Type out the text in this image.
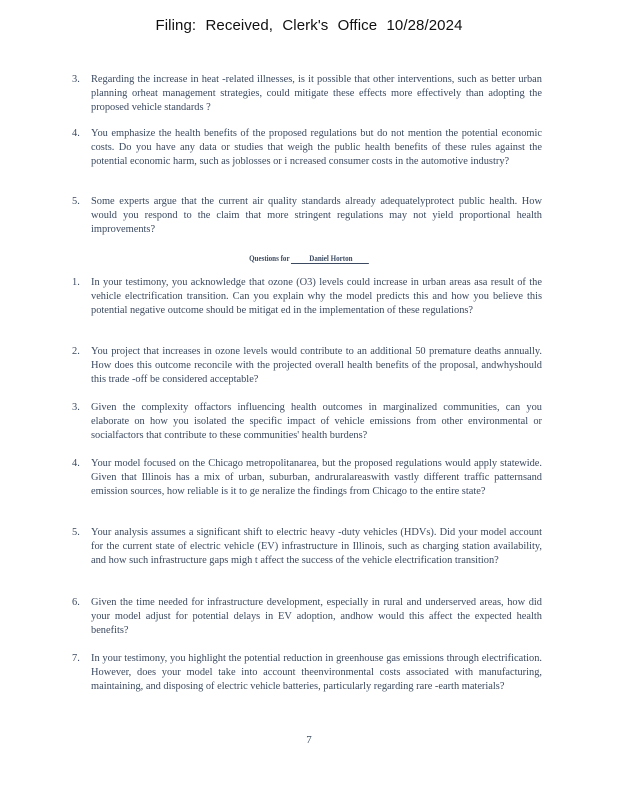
Filing: Received, Clerk's Office 10/28/2024
3. Regarding the increase in heat -related illnesses, is it possible that other interventions, such as better urban planning orheat management strategies, could mitigate these effects more effectively than adopting the proposed vehicle standards ?
4. You emphasize the health benefits of the proposed regulations but do not mention the potential economic costs. Do you have any data or studies that weigh the public health benefits of these rules against the potential economic harm, such as joblosses or i ncreased consumer costs in the automotive industry?
5. Some experts argue that the current air quality standards already adequatelyprotect public health. How would you respond to the claim that more stringent regulations may not yield proportional health improvements?
Questions for Daniel Horton
1. In your testimony, you acknowledge that ozone (O3) levels could increase in urban areas asa result of the vehicle electrification transition. Can you explain why the model predicts this and how you believe this potential negative outcome should be mitigat ed in the implementation of these regulations?
2. You project that increases in ozone levels would contribute to an additional 50 premature deaths annually. How does this outcome reconcile with the projected overall health benefits of the proposal, andwhyshould this trade -off be considered acceptable?
3. Given the complexity offactors influencing health outcomes in marginalized communities, can you elaborate on how you isolated the specific impact of vehicle emissions from other environmental or socialfactors that contribute to these communities' health burdens?
4. Your model focused on the Chicago metropolitanarea, but the proposed regulations would apply statewide. Given that Illinois has a mix of urban, suburban, andruralareaswith vastly different traffic patternsand emission sources, how reliable is it to ge neralize the findings from Chicago to the entire state?
5. Your analysis assumes a significant shift to electric heavy -duty vehicles (HDVs). Did your model account for the current state of electric vehicle (EV) infrastructure in Illinois, such as charging station availability, and how such infrastructure gaps migh t affect the success of the vehicle electrification transition?
6. Given the time needed for infrastructure development, especially in rural and underserved areas, how did your model adjust for potential delays in EV adoption, andhow would this affect the expected health benefits?
7. In your testimony, you highlight the potential reduction in greenhouse gas emissions through electrification. However, does your model take into account theenvironmental costs associated with manufacturing, maintaining, and disposing of electric vehicle batteries, particularly regarding rare -earth materials?
7
